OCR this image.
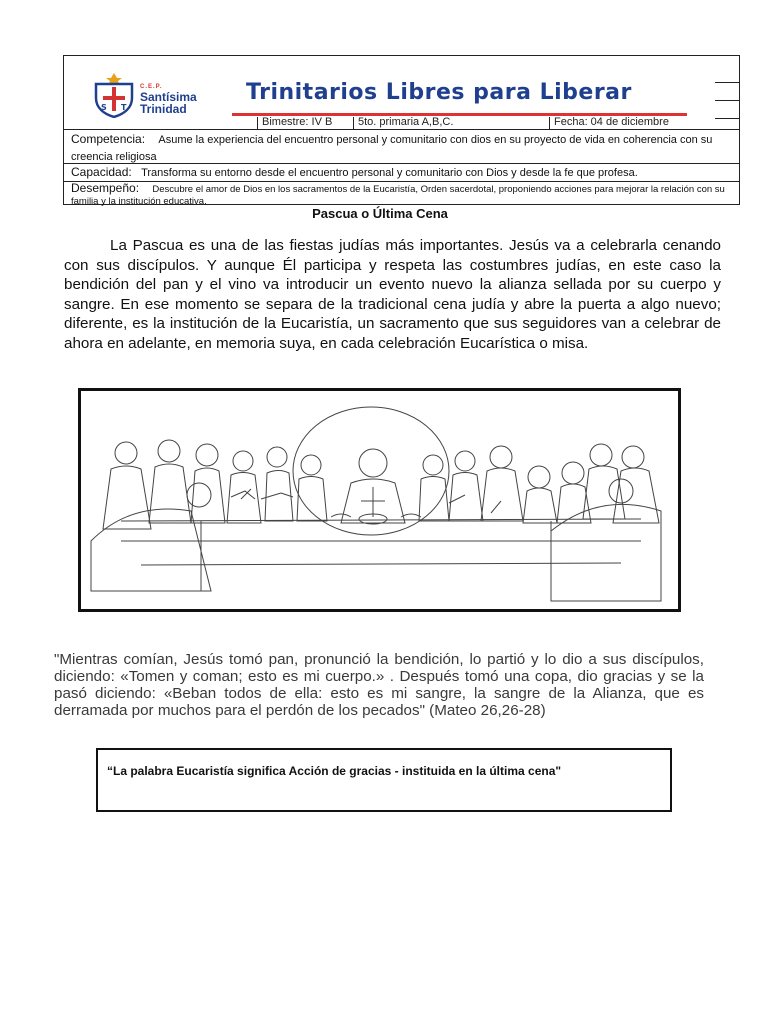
S T
C.E.P.
Santísima
Trinidad
Trinitarios Libres para Liberar
Bimestre: IV B 5to. primaria A,B,C.	Fecha: 04 de diciembre
Competencia: Asume la experiencia del encuentro personal y comunitario con dios en su proyecto de vida en coherencia con su creencia religiosa
Capacidad: Transforma su entorno desde el encuentro personal y comunitario con Dios y desde la fe que profesa.
Desempeño: Descubre el amor de Dios en los sacramentos de la Eucaristía, Orden sacerdotal, proponiendo acciones para mejorar la relación con su familia y la institución educativa.
Pascua o Última Cena
La Pascua es una de las fiestas judías más importantes. Jesús va a celebrarla cenando con sus discípulos. Y aunque Él participa y respeta las costumbres judías, en este caso la bendición del pan y el vino va introducir un evento nuevo la alianza sellada por su cuerpo y sangre. En ese momento se separa de la tradicional cena judía y abre la puerta a algo nuevo; diferente, es la institución de la Eucaristía, un sacramento que sus seguidores van a celebrar de ahora en adelante, en memoria suya, en cada celebración Eucarística o misa.
"Mientras comían, Jesús tomó pan, pronunció la bendición, lo partió y lo dio a sus discípulos, diciendo: «Tomen y coman; esto es mi cuerpo.» . Después tomó una copa, dio gracias y se la pasó diciendo: «Beban todos de ella: esto es mi sangre, la sangre de la Alianza, que es derramada por muchos para el perdón de los pecados" (Mateo 26,26-28)
“La palabra Eucaristía significa Acción de gracias - instituida en la última cena"
